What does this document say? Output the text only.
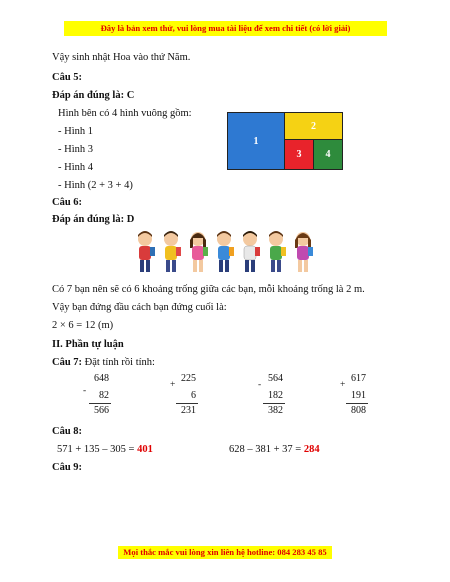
Đây là bản xem thử, vui lòng mua tài liệu để xem chi tiết (có lời giải)
Vậy sinh nhật Hoa vào thứ Năm.
Câu 5:
Đáp án đúng là: C
Hình bên có 4 hình vuông gồm:
- Hình 1
- Hình 3
- Hình 4
- Hình (2 + 3 + 4)
1
2
3 4
Câu 6:
Đáp án đúng là: D
Có 7 bạn nên sẽ có 6 khoảng trống giữa các bạn, mỗi khoảng trống là 2 m.
Vậy bạn đứng đầu cách bạn đứng cuối là:
2 × 6 = 12 (m)
II. Phần tự luận
Câu 7: Đặt tính rồi tính:
-
648
82
566
+
225
6
231
-
564
182
382
+
617
191
808
Câu 8:
571 + 135 – 305 = 401	628 – 381 + 37 = 284
Câu 9:
Mọi thắc mắc vui lòng xin liên hệ hotline: 084 283 45 85
